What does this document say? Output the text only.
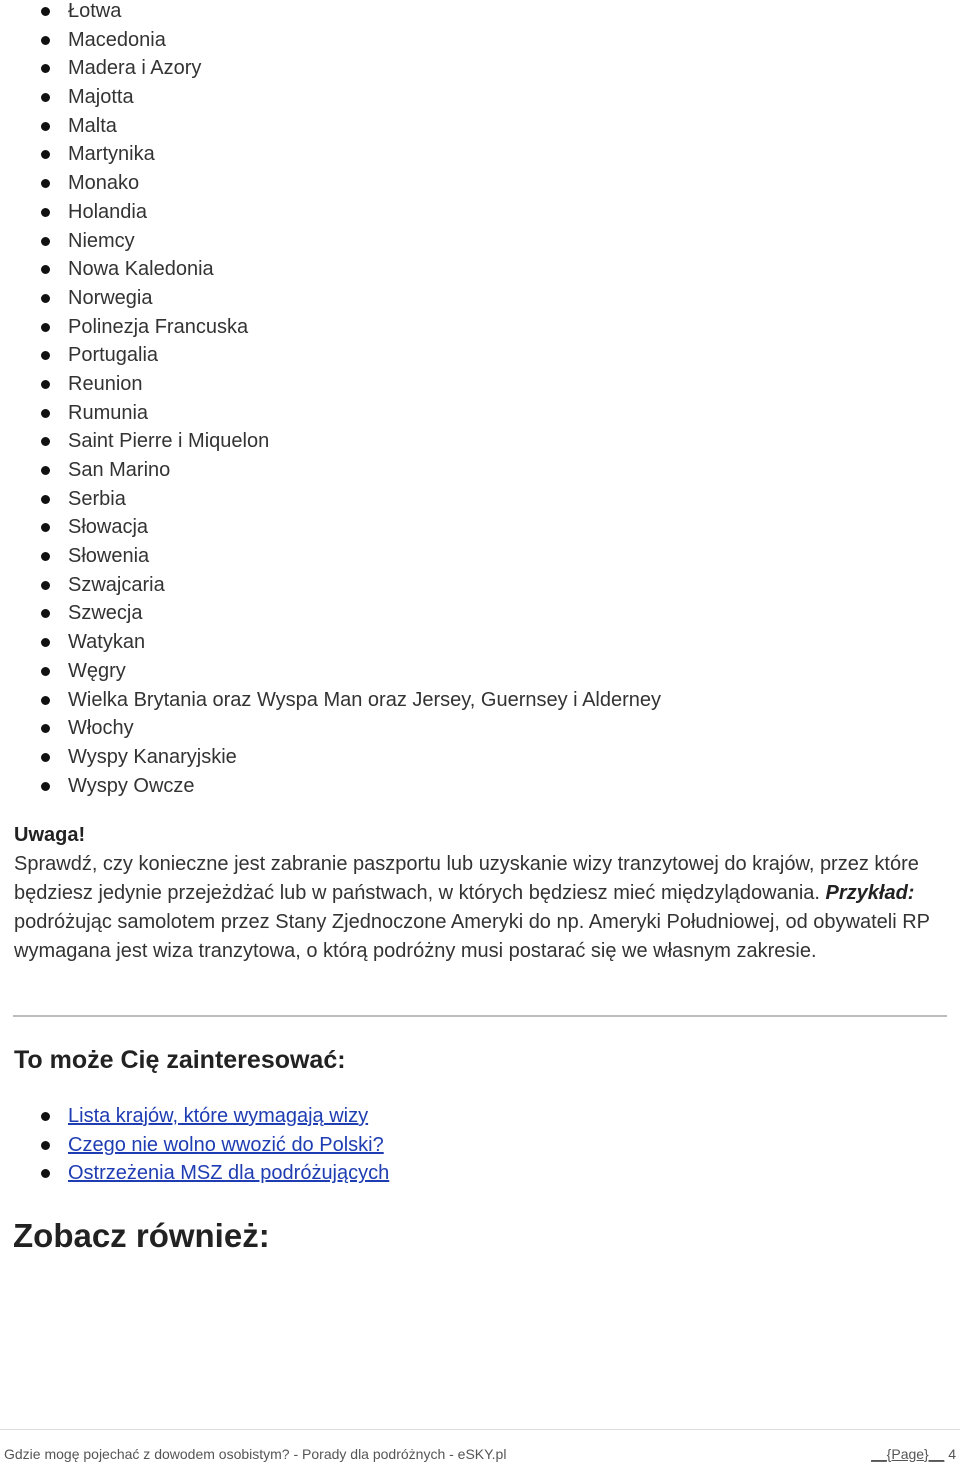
Łotwa
Macedonia
Madera i Azory
Majotta
Malta
Martynika
Monako
Holandia
Niemcy
Nowa Kaledonia
Norwegia
Polinezja Francuska
Portugalia
Reunion
Rumunia
Saint Pierre i Miquelon
San Marino
Serbia
Słowacja
Słowenia
Szwajcaria
Szwecja
Watykan
Węgry
Wielka Brytania oraz Wyspa Man oraz Jersey, Guernsey i Alderney
Włochy
Wyspy Kanaryjskie
Wyspy Owcze
Uwaga!
Sprawdź, czy konieczne jest zabranie paszportu lub uzyskanie wizy tranzytowej do krajów, przez które będziesz jedynie przejeżdżać lub w państwach, w których będziesz mieć międzylądowania. Przykład: podróżując samolotem przez Stany Zjednoczone Ameryki do np. Ameryki Południowej, od obywateli RP wymagana jest wiza tranzytowa, o którą podróżny musi postarać się we własnym zakresie.
To może Cię zainteresować:
Lista krajów, które wymagają wizy
Czego nie wolno wwozić do Polski?
Ostrzeżenia MSZ dla podróżujących
Zobacz również:
Gdzie mogę pojechać z dowodem osobistym? - Porady dla podróżnych - eSKY.pl	__{Page}__ 4
